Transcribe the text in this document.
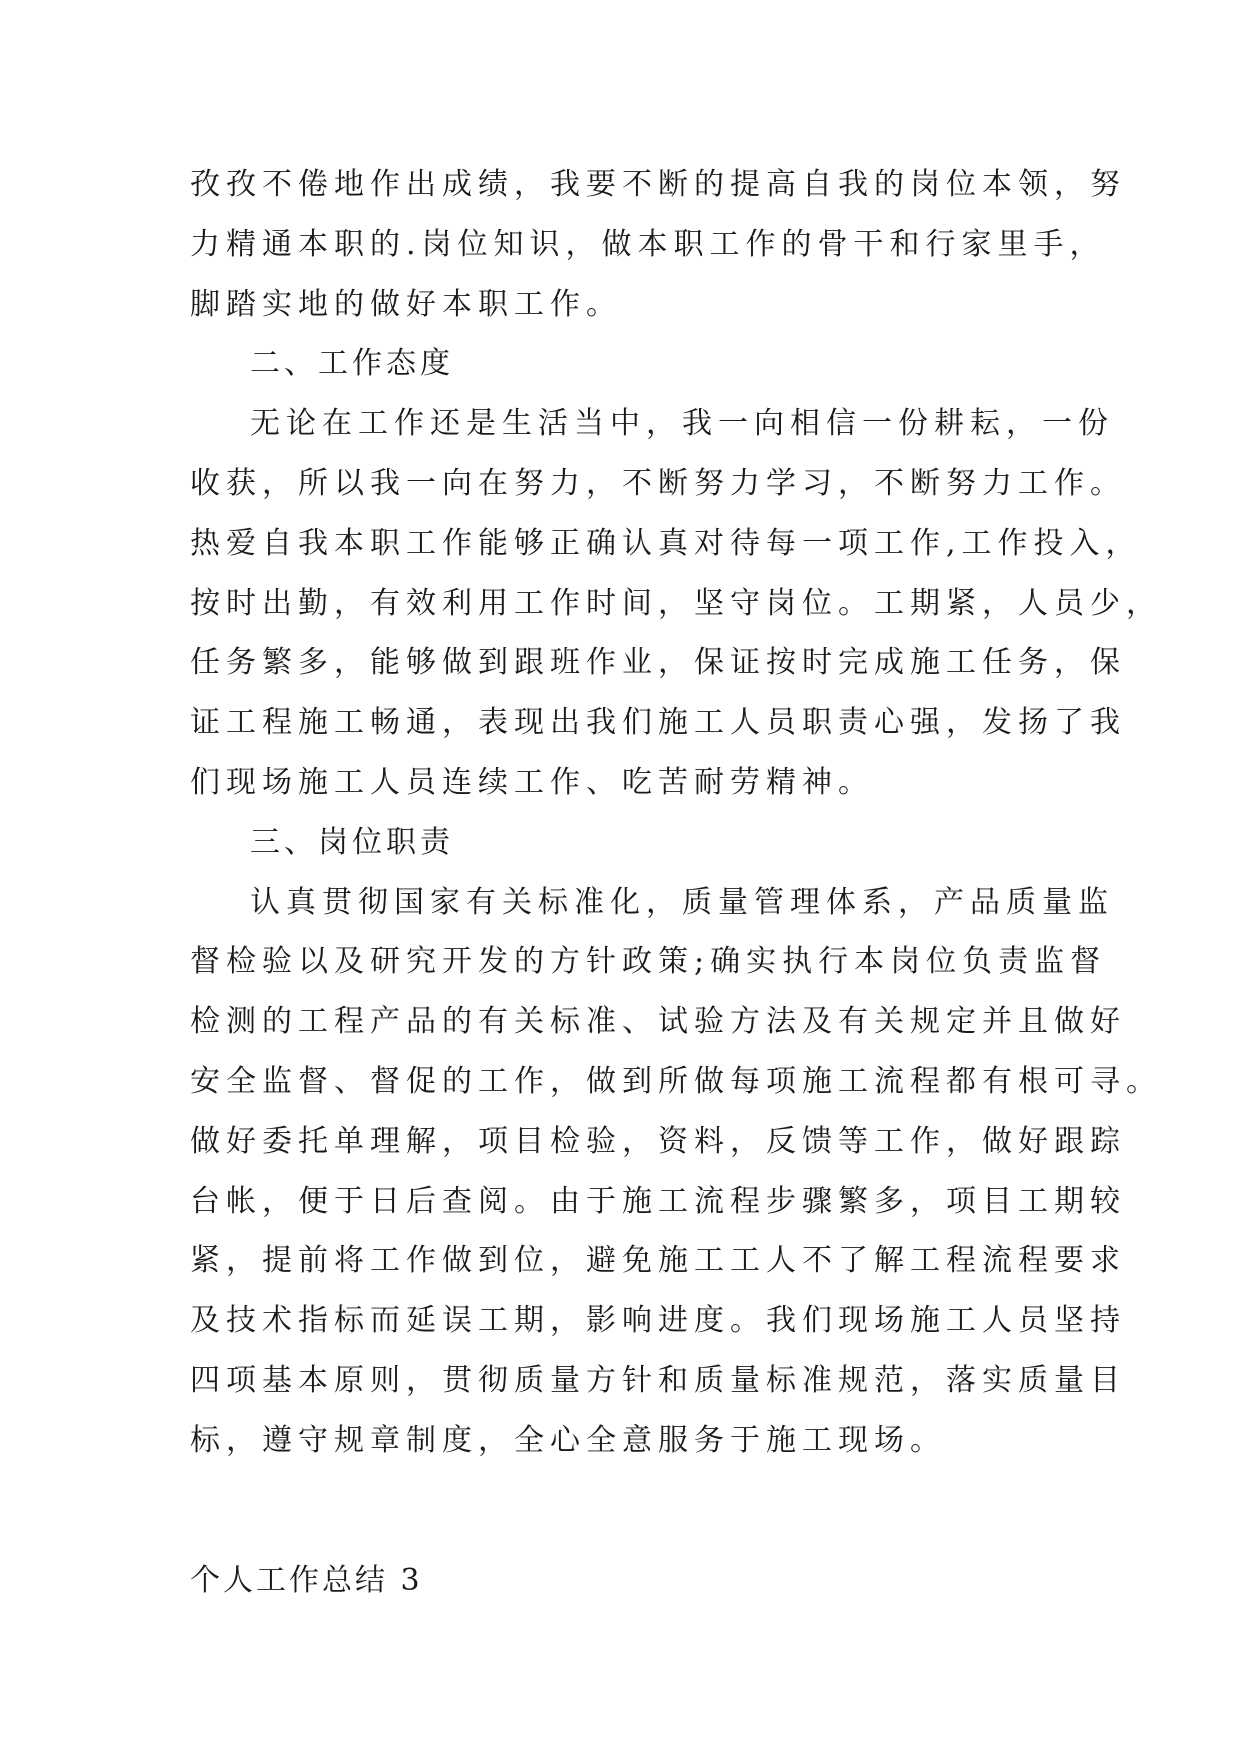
孜孜不倦地作出成绩，我要不断的提高自我的岗位本领，努
力精通本职的.岗位知识，做本职工作的骨干和行家里手，
脚踏实地的做好本职工作。
二、工作态度
无论在工作还是生活当中，我一向相信一份耕耘，一份
收获，所以我一向在努力，不断努力学习，不断努力工作。
热爱自我本职工作能够正确认真对待每一项工作,工作投入，
按时出勤，有效利用工作时间，坚守岗位。工期紧，人员少，
任务繁多，能够做到跟班作业，保证按时完成施工任务，保
证工程施工畅通，表现出我们施工人员职责心强，发扬了我
们现场施工人员连续工作、吃苦耐劳精神。
三、岗位职责
认真贯彻国家有关标准化，质量管理体系，产品质量监
督检验以及研究开发的方针政策;确实执行本岗位负责监督
检测的工程产品的有关标准、试验方法及有关规定并且做好
安全监督、督促的工作，做到所做每项施工流程都有根可寻。
做好委托单理解，项目检验，资料，反馈等工作，做好跟踪
台帐，便于日后查阅。由于施工流程步骤繁多，项目工期较
紧，提前将工作做到位，避免施工工人不了解工程流程要求
及技术指标而延误工期，影响进度。我们现场施工人员坚持
四项基本原则，贯彻质量方针和质量标准规范，落实质量目
标，遵守规章制度，全心全意服务于施工现场。
个人工作总结 3
